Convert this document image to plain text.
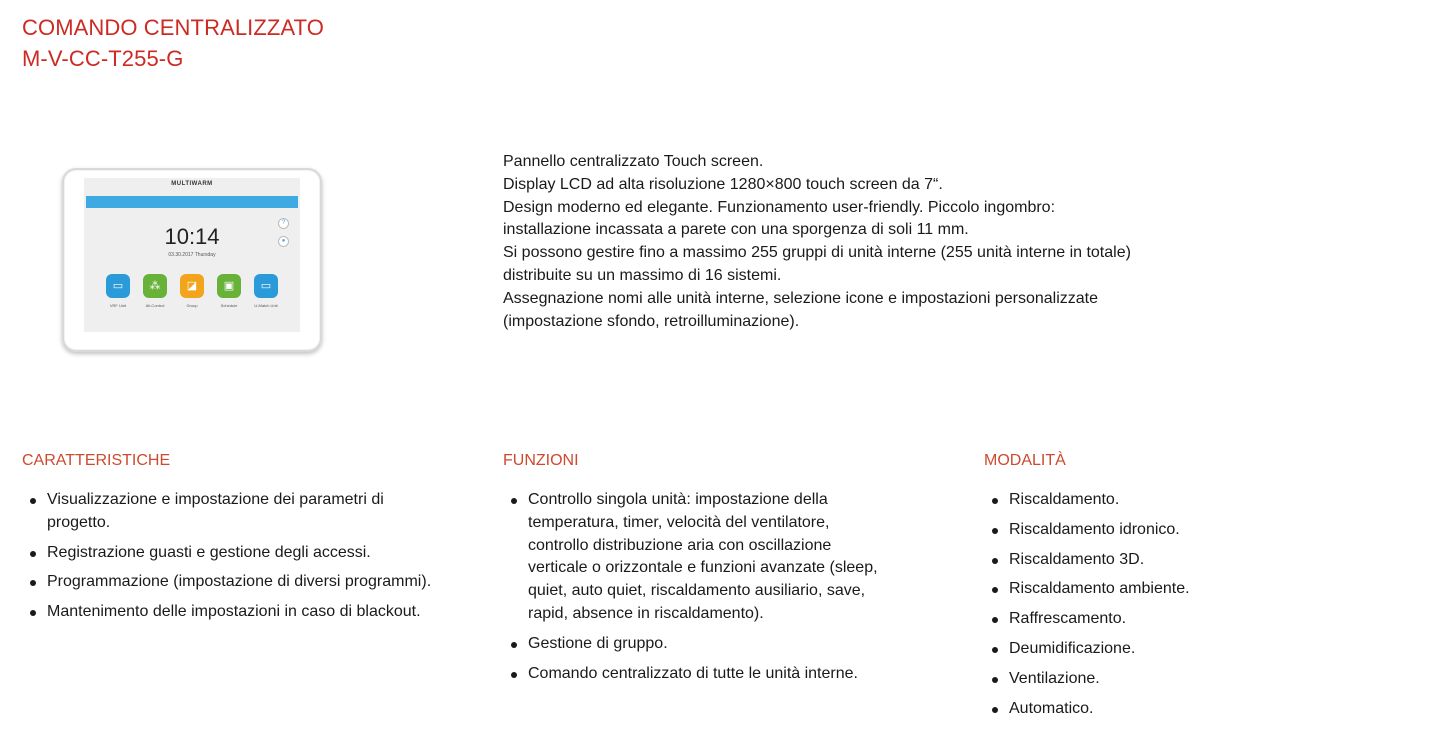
COMANDO CENTRALIZZATO
M-V-CC-T255-G
MULTIWARM
?
●
10:14
03.30.2017 Thursday
▭
VRF Unit
⁂
All-Control
◪
Group
▣
Schedule
▭
U-Match Unit

Pannello centralizzato Touch screen.

Display LCD ad alta risoluzione 1280×800 touch screen da 7“.

Design moderno ed elegante. Funzionamento user-friendly. Piccolo ingombro: installazione incassata a parete con una sporgenza di soli 11 mm.

Si possono gestire fino a massimo 255 gruppi di unità interne (255 unità interne in totale) distribuite su un massimo di 16 sistemi.

Assegnazione nomi alle unità interne, selezione icone e impostazioni personalizzate (impostazione sfondo, retroilluminazione).

CARATTERISTICHE
Visualizzazione e impostazione dei parametri di progetto.
Registrazione guasti e gestione degli accessi.
Programmazione (impostazione di diversi programmi).
Mantenimento delle impostazioni in caso di blackout.
FUNZIONI
Controllo singola unità: impostazione della temperatura, timer, velocità del ventilatore, controllo distribuzione aria con oscillazione verticale o orizzontale e funzioni avanzate (sleep, quiet, auto quiet, riscaldamento ausiliario, save, rapid, absence in riscaldamento).
Gestione di gruppo.
Comando centralizzato di tutte le unità interne.
MODALITÀ
Riscaldamento.
Riscaldamento idronico.
Riscaldamento 3D.
Riscaldamento ambiente.
Raffrescamento.
Deumidificazione.
Ventilazione.
Automatico.
